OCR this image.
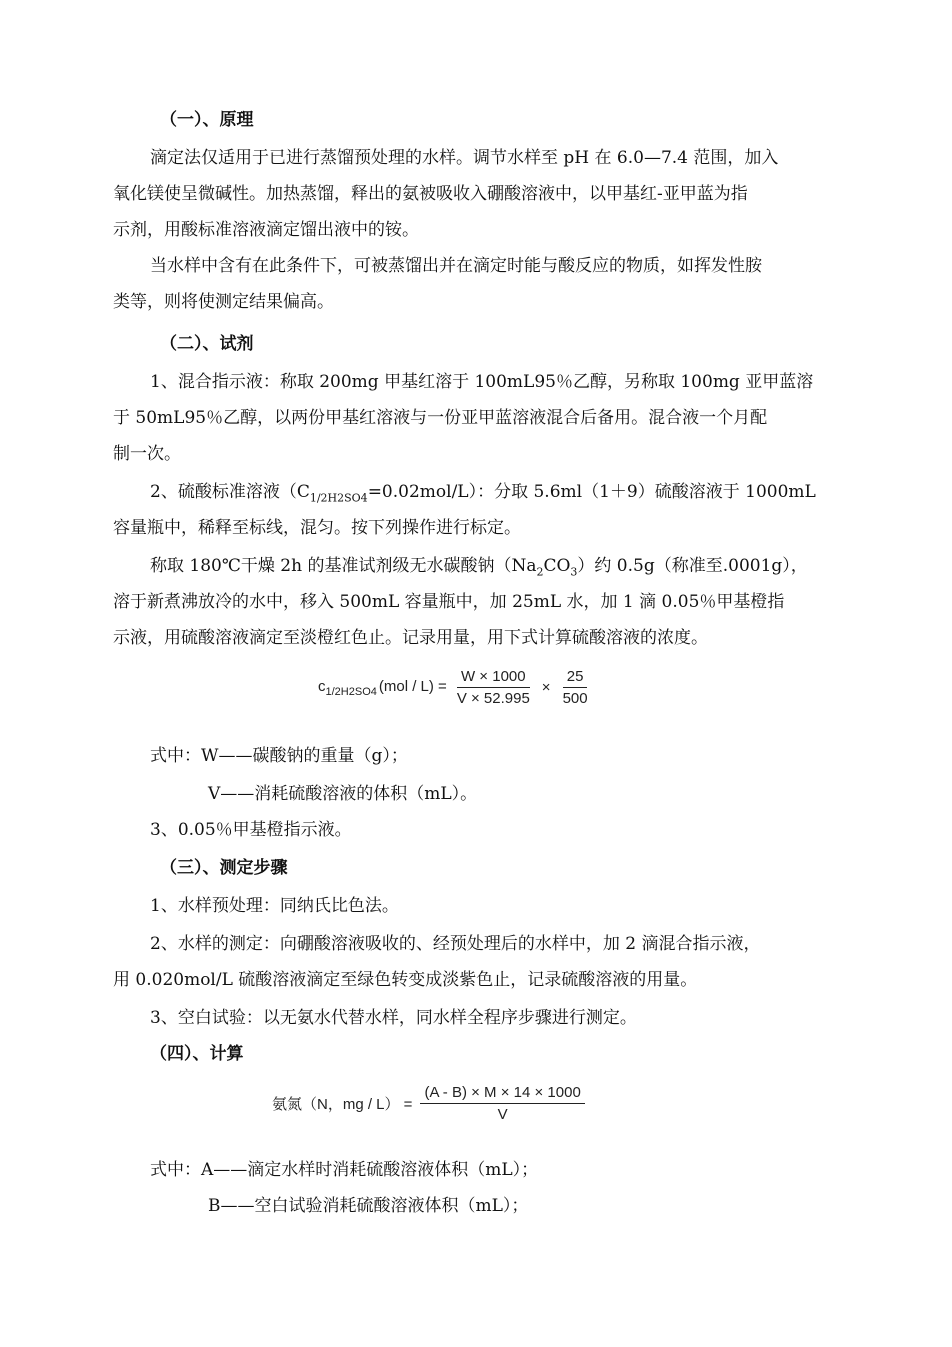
（一）、原理
滴定法仅适用于已进行蒸馏预处理的水样。调节水样至 pH 在 6.0—7.4 范围，加入
氧化镁使呈微碱性。加热蒸馏，释出的氨被吸收入硼酸溶液中，以甲基红-亚甲蓝为指
示剂，用酸标准溶液滴定馏出液中的铵。
当水样中含有在此条件下，可被蒸馏出并在滴定时能与酸反应的物质，如挥发性胺
类等，则将使测定结果偏高。
（二）、试剂
1、混合指示液：称取 200mg 甲基红溶于 100mL95％乙醇，另称取 100mg 亚甲蓝溶
于 50mL95％乙醇，以两份甲基红溶液与一份亚甲蓝溶液混合后备用。混合液一个月配
制一次。
2、硫酸标准溶液$(C_{1/2H2SO4}=0.02mol/L)$：分取 5.6ml（1＋9）硫酸溶液于 1000mL
容量瓶中，稀释至标线，混匀。按下列操作进行标定。
称取 180℃干燥 2h 的基准试剂级无水碳酸钠$(Na_2CO_3)$约 0.5g（称准至.0001g），
溶于新煮沸放冷的水中，移入 500mL 容量瓶中，加 25mL 水，加 1 滴 0.05％甲基橙指
示液，用硫酸溶液滴定至淡橙红色止。记录用量，用下式计算硫酸溶液的浓度。
$c_{1/2H2SO4}$ $(mol / L) = \frac{W \times 1000}{V \times 52.995} \times \frac{25}{500}$
式中：W——碳酸钠的重量（g）；
V——消耗硫酸溶液的体积（mL）。
3、0.05％甲基橙指示液。
（三）、测定步骤
1、水样预处理：同纳氏比色法。
2、水样的测定：向硼酸溶液吸收的、经预处理后的水样中，加 2 滴混合指示液，
用 0.020mol/L 硫酸溶液滴定至绿色转变成淡紫色止，记录硫酸溶液的用量。
3、空白试验：以无氨水代替水样，同水样全程序步骤进行测定。
（四）、计算
氨氮（N，mg / $L) = \frac{(A - B) \times M \times 14 \times 1000}{V}$
式中：A——滴定水样时消耗硫酸溶液体积（mL）；
B——空白试验消耗硫酸溶液体积（mL）；
